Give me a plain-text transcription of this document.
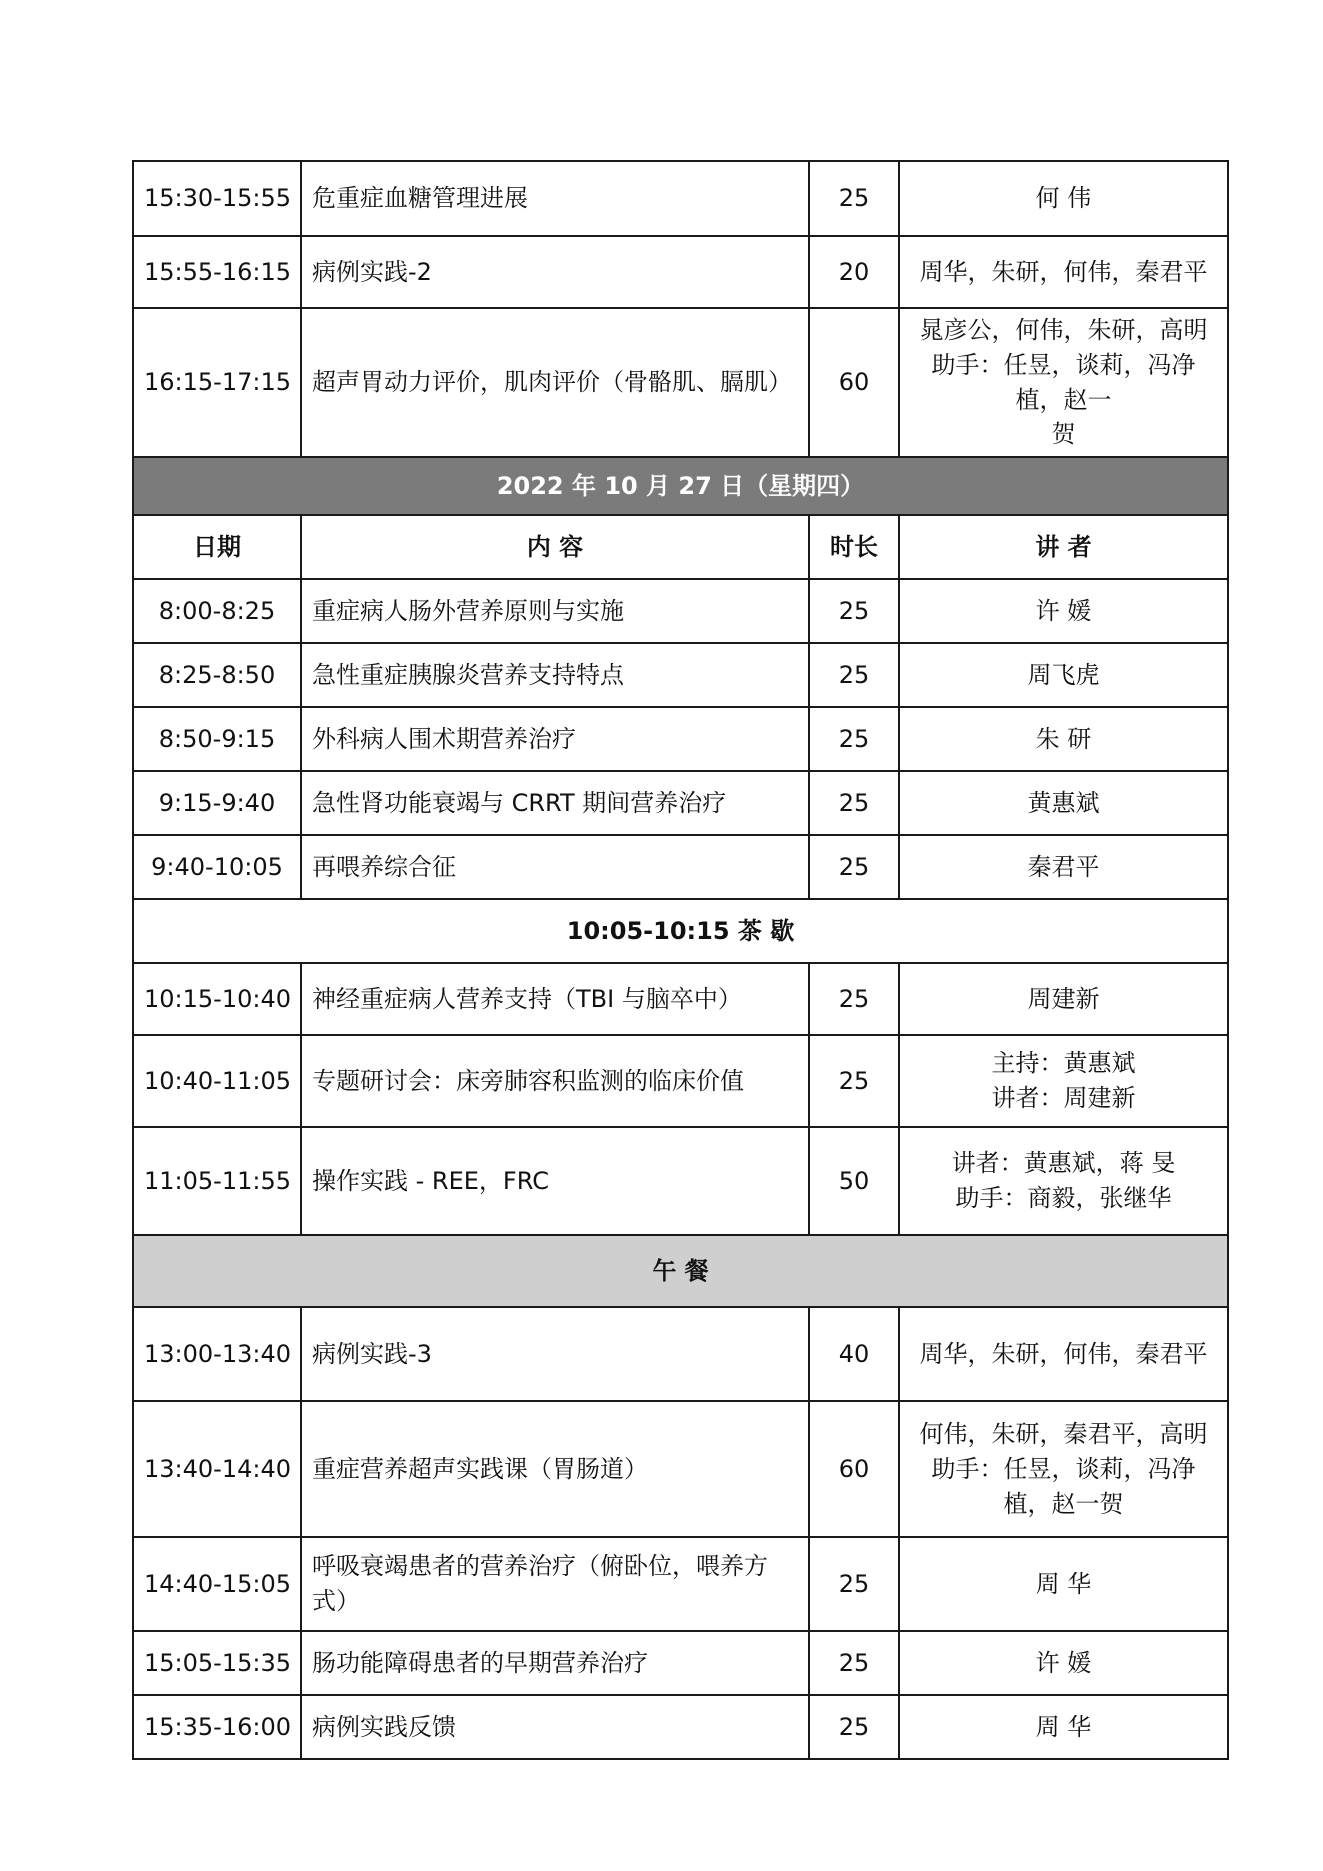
15:30-15:55	危重症血糖管理进展	25	何 伟

15:55-16:15	病例实践-2	20	周华，朱研，何伟，秦君平

16:15-17:15	超声胃动力评价，肌肉评价（骨骼肌、膈肌）	60	晁彦公，何伟，朱研，高明
助手：任昱，谈莉，冯净植，赵一
贺

2022 年 10 月 27 日（星期四）			
日期	内 容	时长	讲 者
8:00-8:25	重症病人肠外营养原则与实施	25	许 媛

8:25-8:50	急性重症胰腺炎营养支持特点	25	周飞虎

8:50-9:15	外科病人围术期营养治疗	25	朱 研

9:15-9:40	急性肾功能衰竭与 CRRT 期间营养治疗	25	黄惠斌

9:40-10:05	再喂养综合征	25	秦君平

10:05-10:15 茶 歇			
10:15-10:40	神经重症病人营养支持（TBI 与脑卒中）	25	周建新

10:40-11:05	专题研讨会：床旁肺容积监测的临床价值	25	主持：黄惠斌
讲者：周建新

11:05-11:55	操作实践 - REE，FRC	50	讲者：黄惠斌，蒋 旻
助手：商毅，张继华

午 餐			
13:00-13:40	病例实践-3	40	周华，朱研，何伟，秦君平

13:40-14:40	重症营养超声实践课（胃肠道）	60	何伟，朱研，秦君平，高明
助手：任昱，谈莉，冯净
植，赵一贺

14:40-15:05	呼吸衰竭患者的营养治疗（俯卧位，喂养方式）	25	周 华

15:05-15:35	肠功能障碍患者的早期营养治疗	25	许 媛

15:35-16:00	病例实践反馈	25	周 华
